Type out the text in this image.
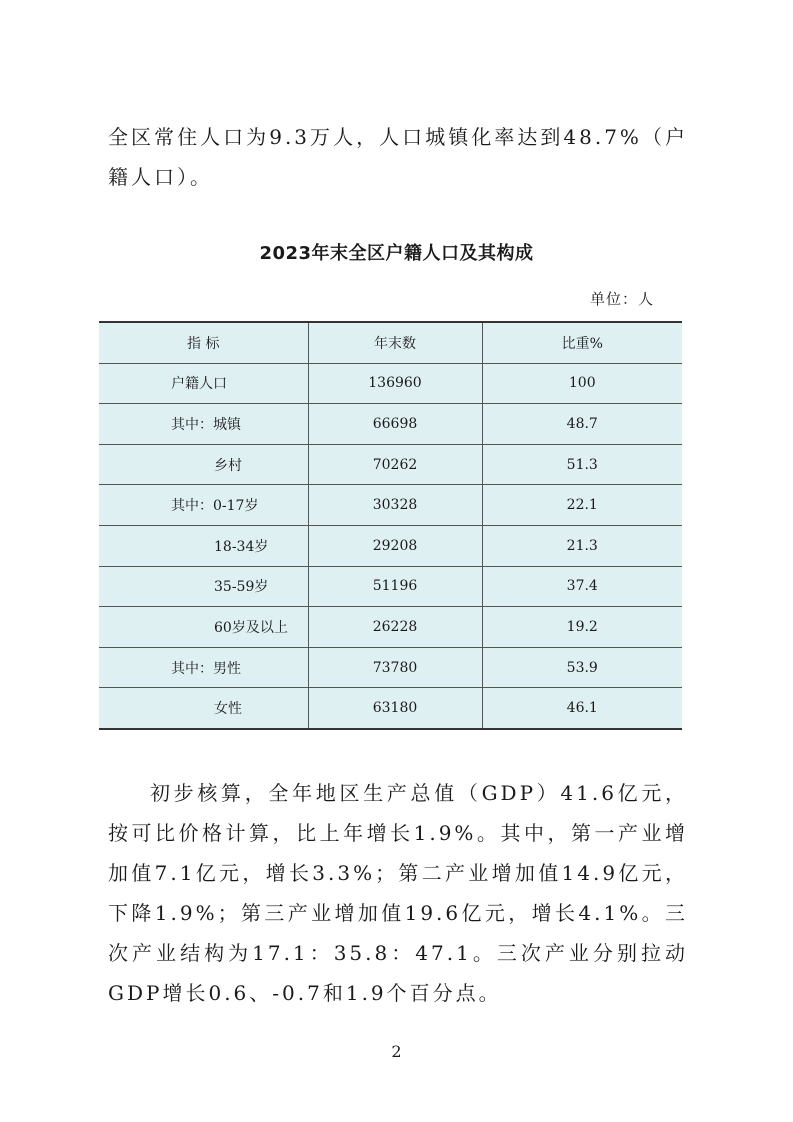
全区常住人口为9.3万人，人口城镇化率达到48.7%（户籍人口）。

2023年末全区户籍人口及其构成
单位：人
指 标	年末数	比重%
户籍人口	136960	100
其中：城镇	66698	48.7
乡村	70262	51.3
其中：0-17岁	30328	22.1
18-34岁	29208	21.3
35-59岁	51196	37.4
60岁及以上	26228	19.2
其中：男性	73780	53.9
女性	63180	46.1

初步核算，全年地区生产总值（GDP）41.6亿元，按可比价格计算，比上年增长1.9%。其中，第一产业增加值7.1亿元，增长3.3%；第二产业增加值14.9亿元，下降1.9%；第三产业增加值19.6亿元，增长4.1%。三次产业结构为17.1：35.8：47.1。三次产业分别拉动GDP增长0.6、-0.7和1.9个百分点。

2
